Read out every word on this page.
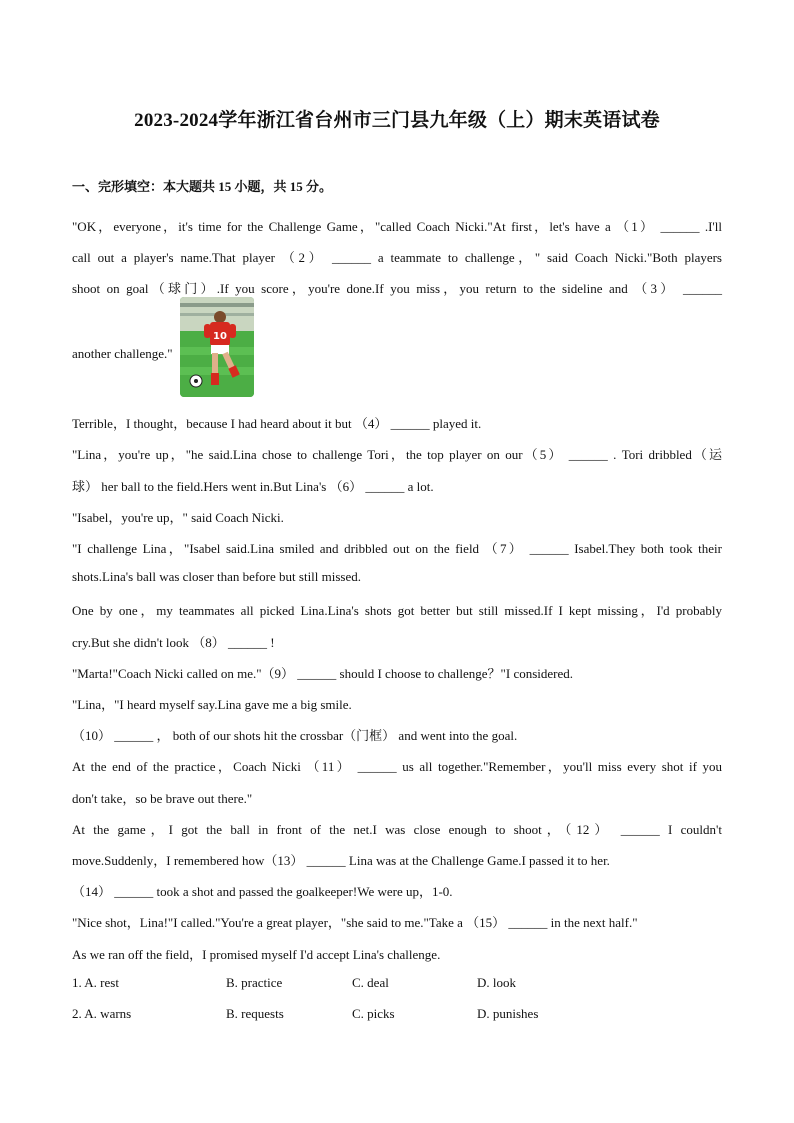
2023-2024学年浙江省台州市三门县九年级（上）期末英语试卷
一、完形填空：本大题共 15 小题，共 15 分。
"OK，everyone，it's time for the Challenge Game，"called Coach Nicki."At first，let's have a （1） ______ .I'll
call out a player's name.That player （2） ______ a teammate to challenge，" said Coach Nicki."Both players
shoot on goal（球门）.If you score，you're done.If you miss，you return to the sideline and （3） ______
another challenge."
Terrible，I thought，because I had heard about it but （4） ______ played it.
"Lina，you're up，"he said.Lina chose to challenge Tori，the top player on our（5） ______ . Tori dribbled（运
球） her ball to the field.Hers went in.But Lina's （6） ______ a lot.
"Isabel，you're up，" said Coach Nicki.
"I challenge Lina，"Isabel said.Lina smiled and dribbled out on the field （7） ______ Isabel.They both took their
shots.Lina's ball was closer than before but still missed.
One by one，my teammates all picked Lina.Lina's shots got better but still missed.If I kept missing，I'd probably
cry.But she didn't look （8） ______ !
"Marta!"Coach Nicki called on me."（9） ______ should I choose to challenge？"I considered.
"Lina，"I heard myself say.Lina gave me a big smile.
（10） ______ ， both of our shots hit the crossbar（门框） and went into the goal.
At the end of the practice，Coach Nicki （11） ______ us all together."Remember，you'll miss every shot if you
don't take，so be brave out there."
At the game，I got the ball in front of the net.I was close enough to shoot，（12） ______ I couldn't
move.Suddenly，I remembered how（13） ______ Lina was at the Challenge Game.I passed it to her.
（14） ______ took a shot and passed the goalkeeper!We were up，1-0.
"Nice shot，Lina!"I called."You're a great player，"she said to me."Take a （15） ______ in the next half."
As we ran off the field，I promised myself I'd accept Lina's challenge.
10
1. A. rest	B. practice	C. deal	D. look
2. A. warns	B. requests	C. picks	D. punishes
